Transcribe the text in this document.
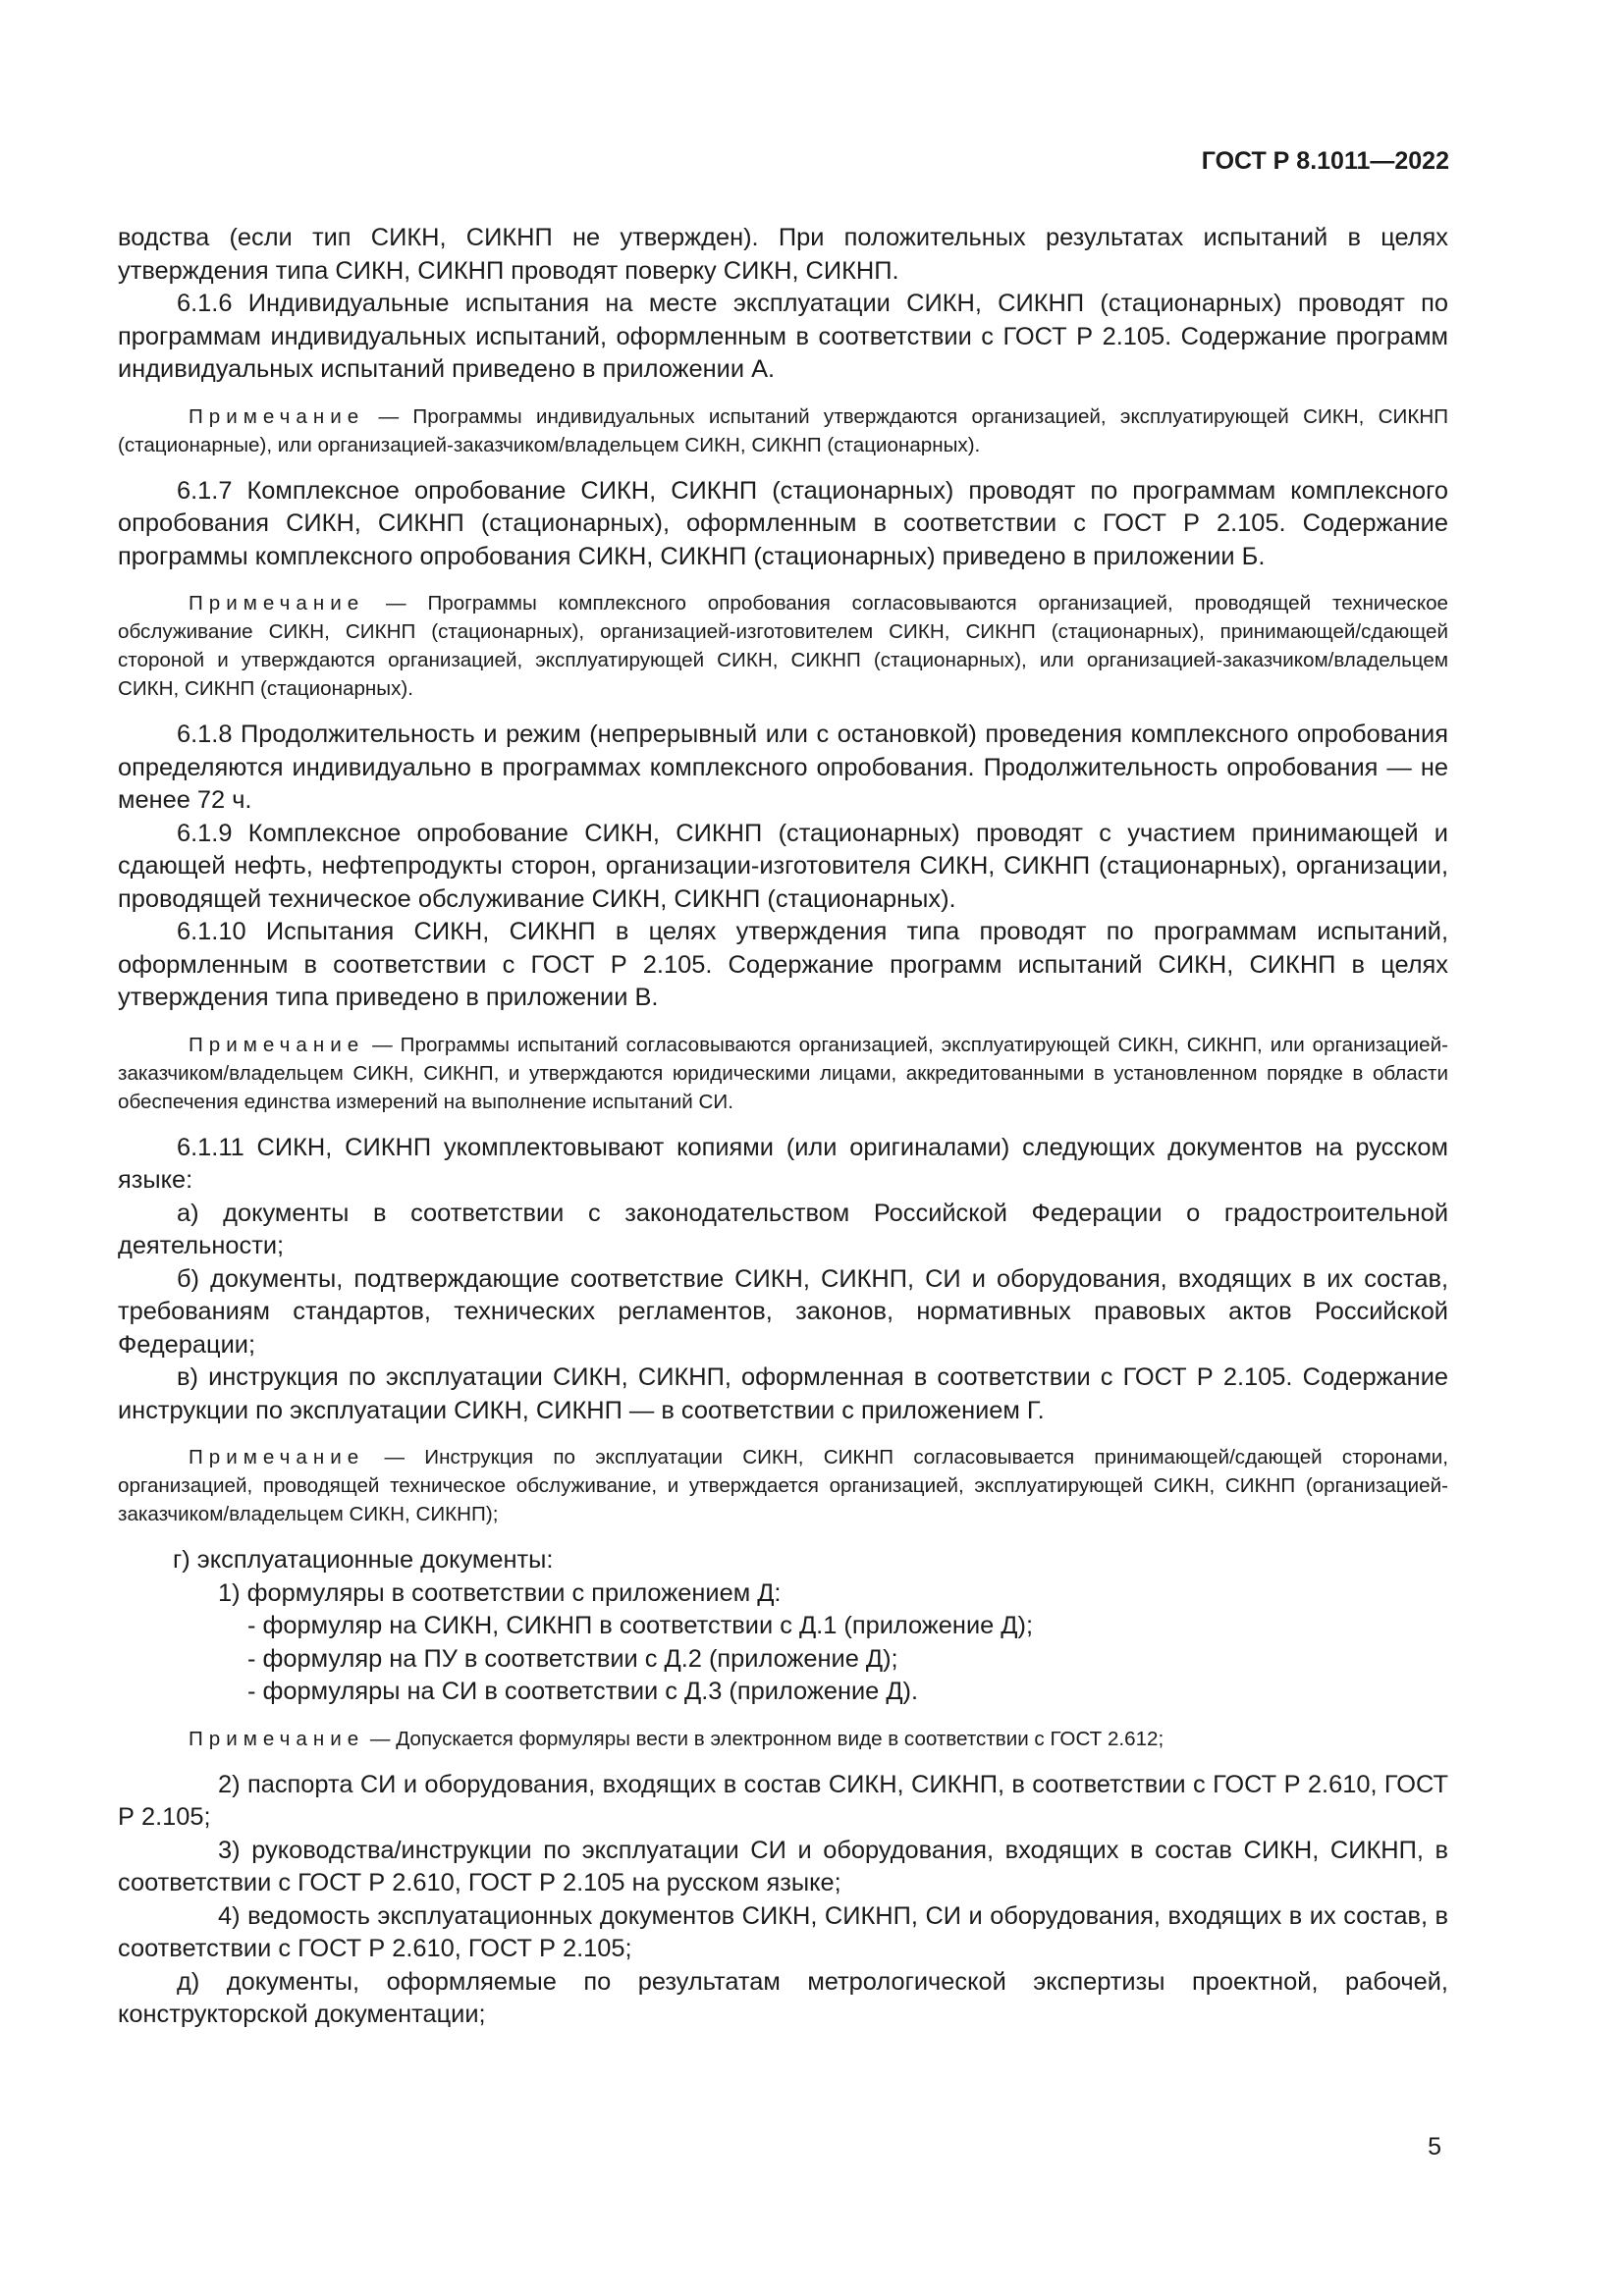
ГОСТ Р 8.1011—2022

водства (если тип СИКН, СИКНП не утвержден). При положительных результатах испытаний в целях утверждения типа СИКН, СИКНП проводят поверку СИКН, СИКНП.

6.1.6 Индивидуальные испытания на месте эксплуатации СИКН, СИКНП (стационарных) проводят по программам индивидуальных испытаний, оформленным в соответствии с ГОСТ Р 2.105. Содержание программ индивидуальных испытаний приведено в приложении А.

Примечание — Программы индивидуальных испытаний утверждаются организацией, эксплуатирующей СИКН, СИКНП (стационарные), или организацией-заказчиком/владельцем СИКН, СИКНП (стационарных).

6.1.7 Комплексное опробование СИКН, СИКНП (стационарных) проводят по программам комплексного опробования СИКН, СИКНП (стационарных), оформленным в соответствии с ГОСТ Р 2.105. Содержание программы комплексного опробования СИКН, СИКНП (стационарных) приведено в приложении Б.

Примечание — Программы комплексного опробования согласовываются организацией, проводящей техническое обслуживание СИКН, СИКНП (стационарных), организацией-изготовителем СИКН, СИКНП (стационарных), принимающей/сдающей стороной и утверждаются организацией, эксплуатирующей СИКН, СИКНП (стационарных), или организацией-заказчиком/владельцем СИКН, СИКНП (стационарных).

6.1.8 Продолжительность и режим (непрерывный или с остановкой) проведения комплексного опробования определяются индивидуально в программах комплексного опробования. Продолжительность опробования — не менее 72 ч.

6.1.9 Комплексное опробование СИКН, СИКНП (стационарных) проводят с участием принимающей и сдающей нефть, нефтепродукты сторон, организации-изготовителя СИКН, СИКНП (стационарных), организации, проводящей техническое обслуживание СИКН, СИКНП (стационарных).

6.1.10 Испытания СИКН, СИКНП в целях утверждения типа проводят по программам испытаний, оформленным в соответствии с ГОСТ Р 2.105. Содержание программ испытаний СИКН, СИКНП в целях утверждения типа приведено в приложении В.

Примечание — Программы испытаний согласовываются организацией, эксплуатирующей СИКН, СИКНП, или организацией-заказчиком/владельцем СИКН, СИКНП, и утверждаются юридическими лицами, аккредитованными в установленном порядке в области обеспечения единства измерений на выполнение испытаний СИ.

6.1.11 СИКН, СИКНП укомплектовывают копиями (или оригиналами) следующих документов на русском языке:

а) документы в соответствии с законодательством Российской Федерации о градостроительной деятельности;

б) документы, подтверждающие соответствие СИКН, СИКНП, СИ и оборудования, входящих в их состав, требованиям стандартов, технических регламентов, законов, нормативных правовых актов Российской Федерации;

в) инструкция по эксплуатации СИКН, СИКНП, оформленная в соответствии с ГОСТ Р 2.105. Содержание инструкции по эксплуатации СИКН, СИКНП — в соответствии с приложением Г.

Примечание — Инструкция по эксплуатации СИКН, СИКНП согласовывается принимающей/сдающей сторонами, организацией, проводящей техническое обслуживание, и утверждается организацией, эксплуатирующей СИКН, СИКНП (организацией-заказчиком/владельцем СИКН, СИКНП);

г) эксплуатационные документы:

1) формуляры в соответствии с приложением Д:

- формуляр на СИКН, СИКНП в соответствии с Д.1 (приложение Д);

- формуляр на ПУ в соответствии с Д.2 (приложение Д);

- формуляры на СИ в соответствии с Д.3 (приложение Д).

Примечание — Допускается формуляры вести в электронном виде в соответствии с ГОСТ 2.612;

2) паспорта СИ и оборудования, входящих в состав СИКН, СИКНП, в соответствии с ГОСТ Р 2.610, ГОСТ Р 2.105;

3) руководства/инструкции по эксплуатации СИ и оборудования, входящих в состав СИКН, СИКНП, в соответствии с ГОСТ Р 2.610, ГОСТ Р 2.105 на русском языке;

4) ведомость эксплуатационных документов СИКН, СИКНП, СИ и оборудования, входящих в их состав, в соответствии с ГОСТ Р 2.610, ГОСТ Р 2.105;

д) документы, оформляемые по результатам метрологической экспертизы проектной, рабочей, конструкторской документации;

5
